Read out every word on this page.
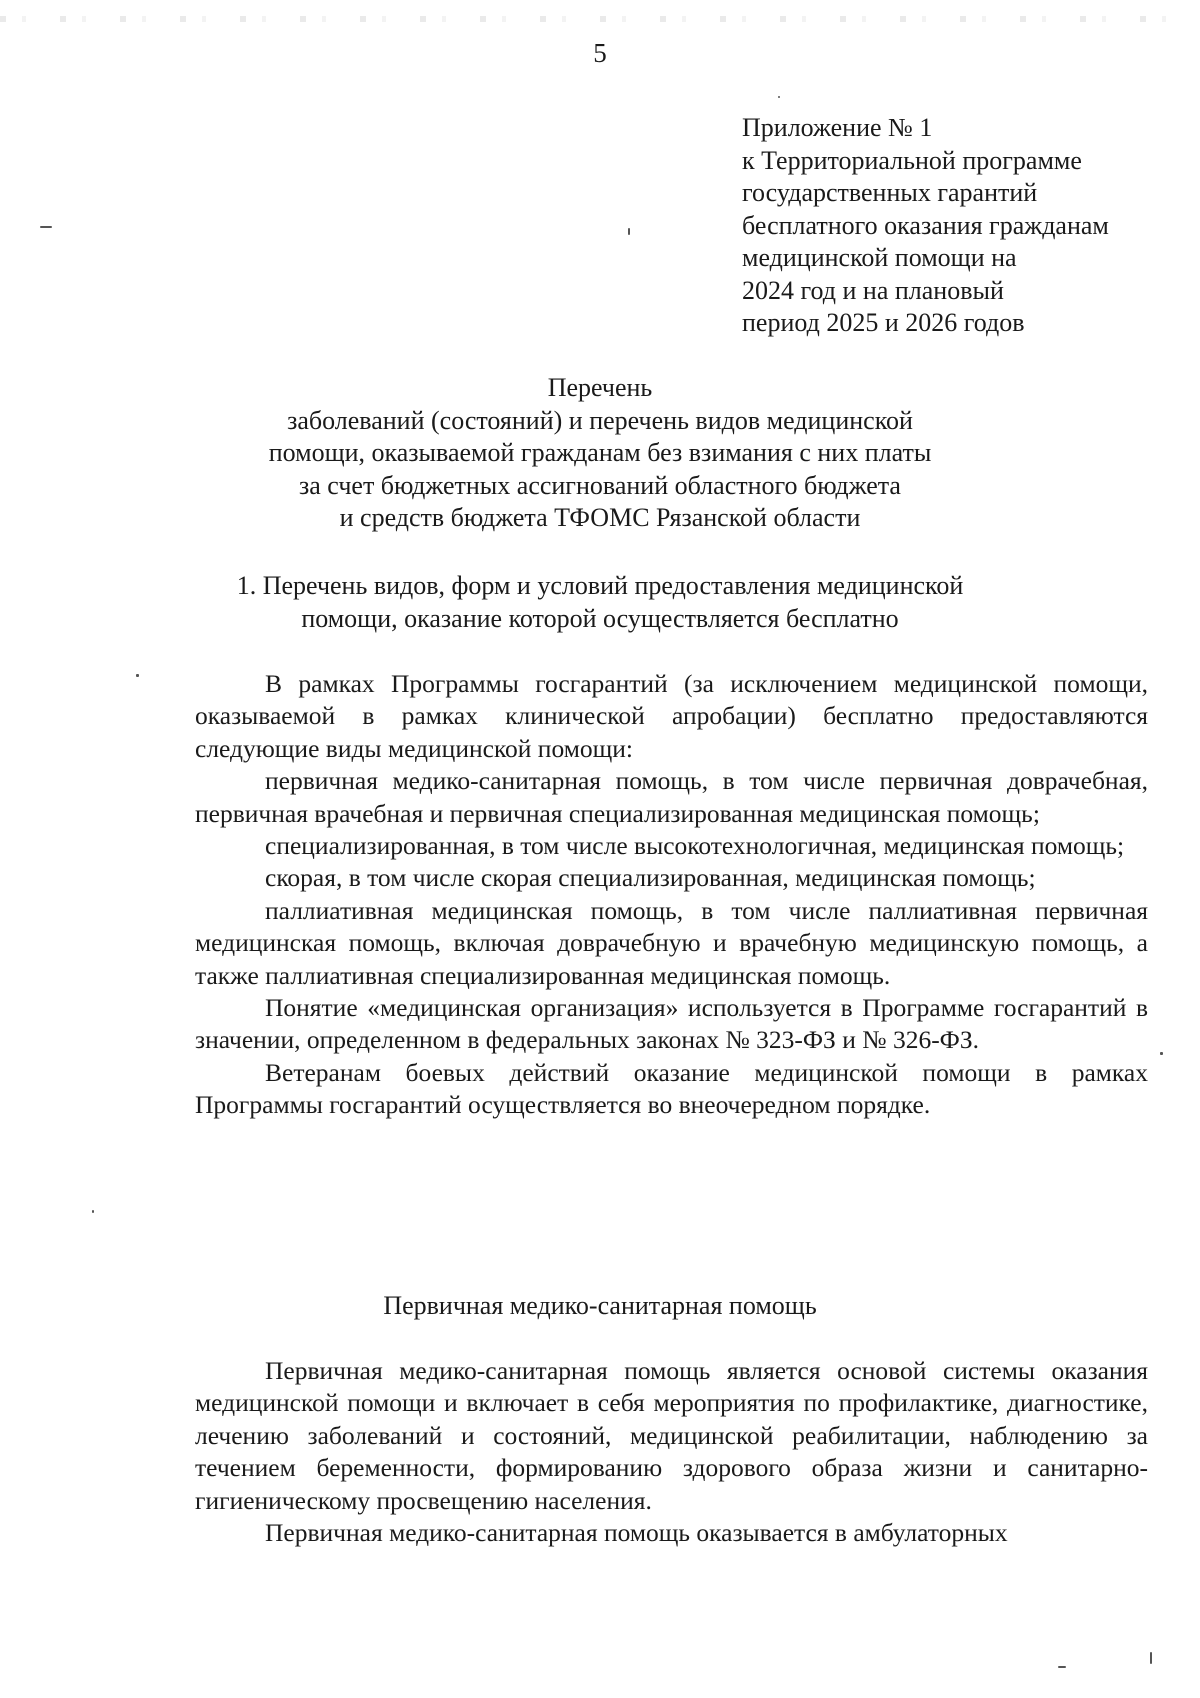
5
Приложение № 1
к Территориальной программе
государственных гарантий
бесплатного оказания гражданам
медицинской помощи на
2024 год и на плановый
период 2025 и 2026 годов
Перечень
заболеваний (состояний) и перечень видов медицинской
помощи, оказываемой гражданам без взимания с них платы
за счет бюджетных ассигнований областного бюджета
и средств бюджета ТФОМС Рязанской области
1. Перечень видов, форм и условий предоставления медицинской
помощи, оказание которой осуществляется бесплатно

В рамках Программы госгарантий (за исключением медицинской помощи, оказываемой в рамках клинической апробации) бесплатно предоставляются следующие виды медицинской помощи:

первичная медико-санитарная помощь, в том числе первичная доврачебная, первичная врачебная и первичная специализированная медицинская помощь;

специализированная, в том числе высокотехнологичная, медицинская помощь;

скорая, в том числе скорая специализированная, медицинская помощь;

паллиативная медицинская помощь, в том числе паллиативная первичная медицинская помощь, включая доврачебную и врачебную медицинскую помощь, а также паллиативная специализированная медицинская помощь.

Понятие «медицинская организация» используется в Программе госгарантий в значении, определенном в федеральных законах № 323-ФЗ и № 326-ФЗ.

Ветеранам боевых действий оказание медицинской помощи в рамках Программы госгарантий осуществляется во внеочередном порядке.

Первичная медико-санитарная помощь

Первичная медико-санитарная помощь является основой системы оказания медицинской помощи и включает в себя мероприятия по профилактике, диагностике, лечению заболеваний и состояний, медицинской реабилитации, наблюдению за течением беременности, формированию здорового образа жизни и санитарно-гигиеническому просвещению населения.

Первичная медико-санитарная помощь оказывается в амбулаторных
